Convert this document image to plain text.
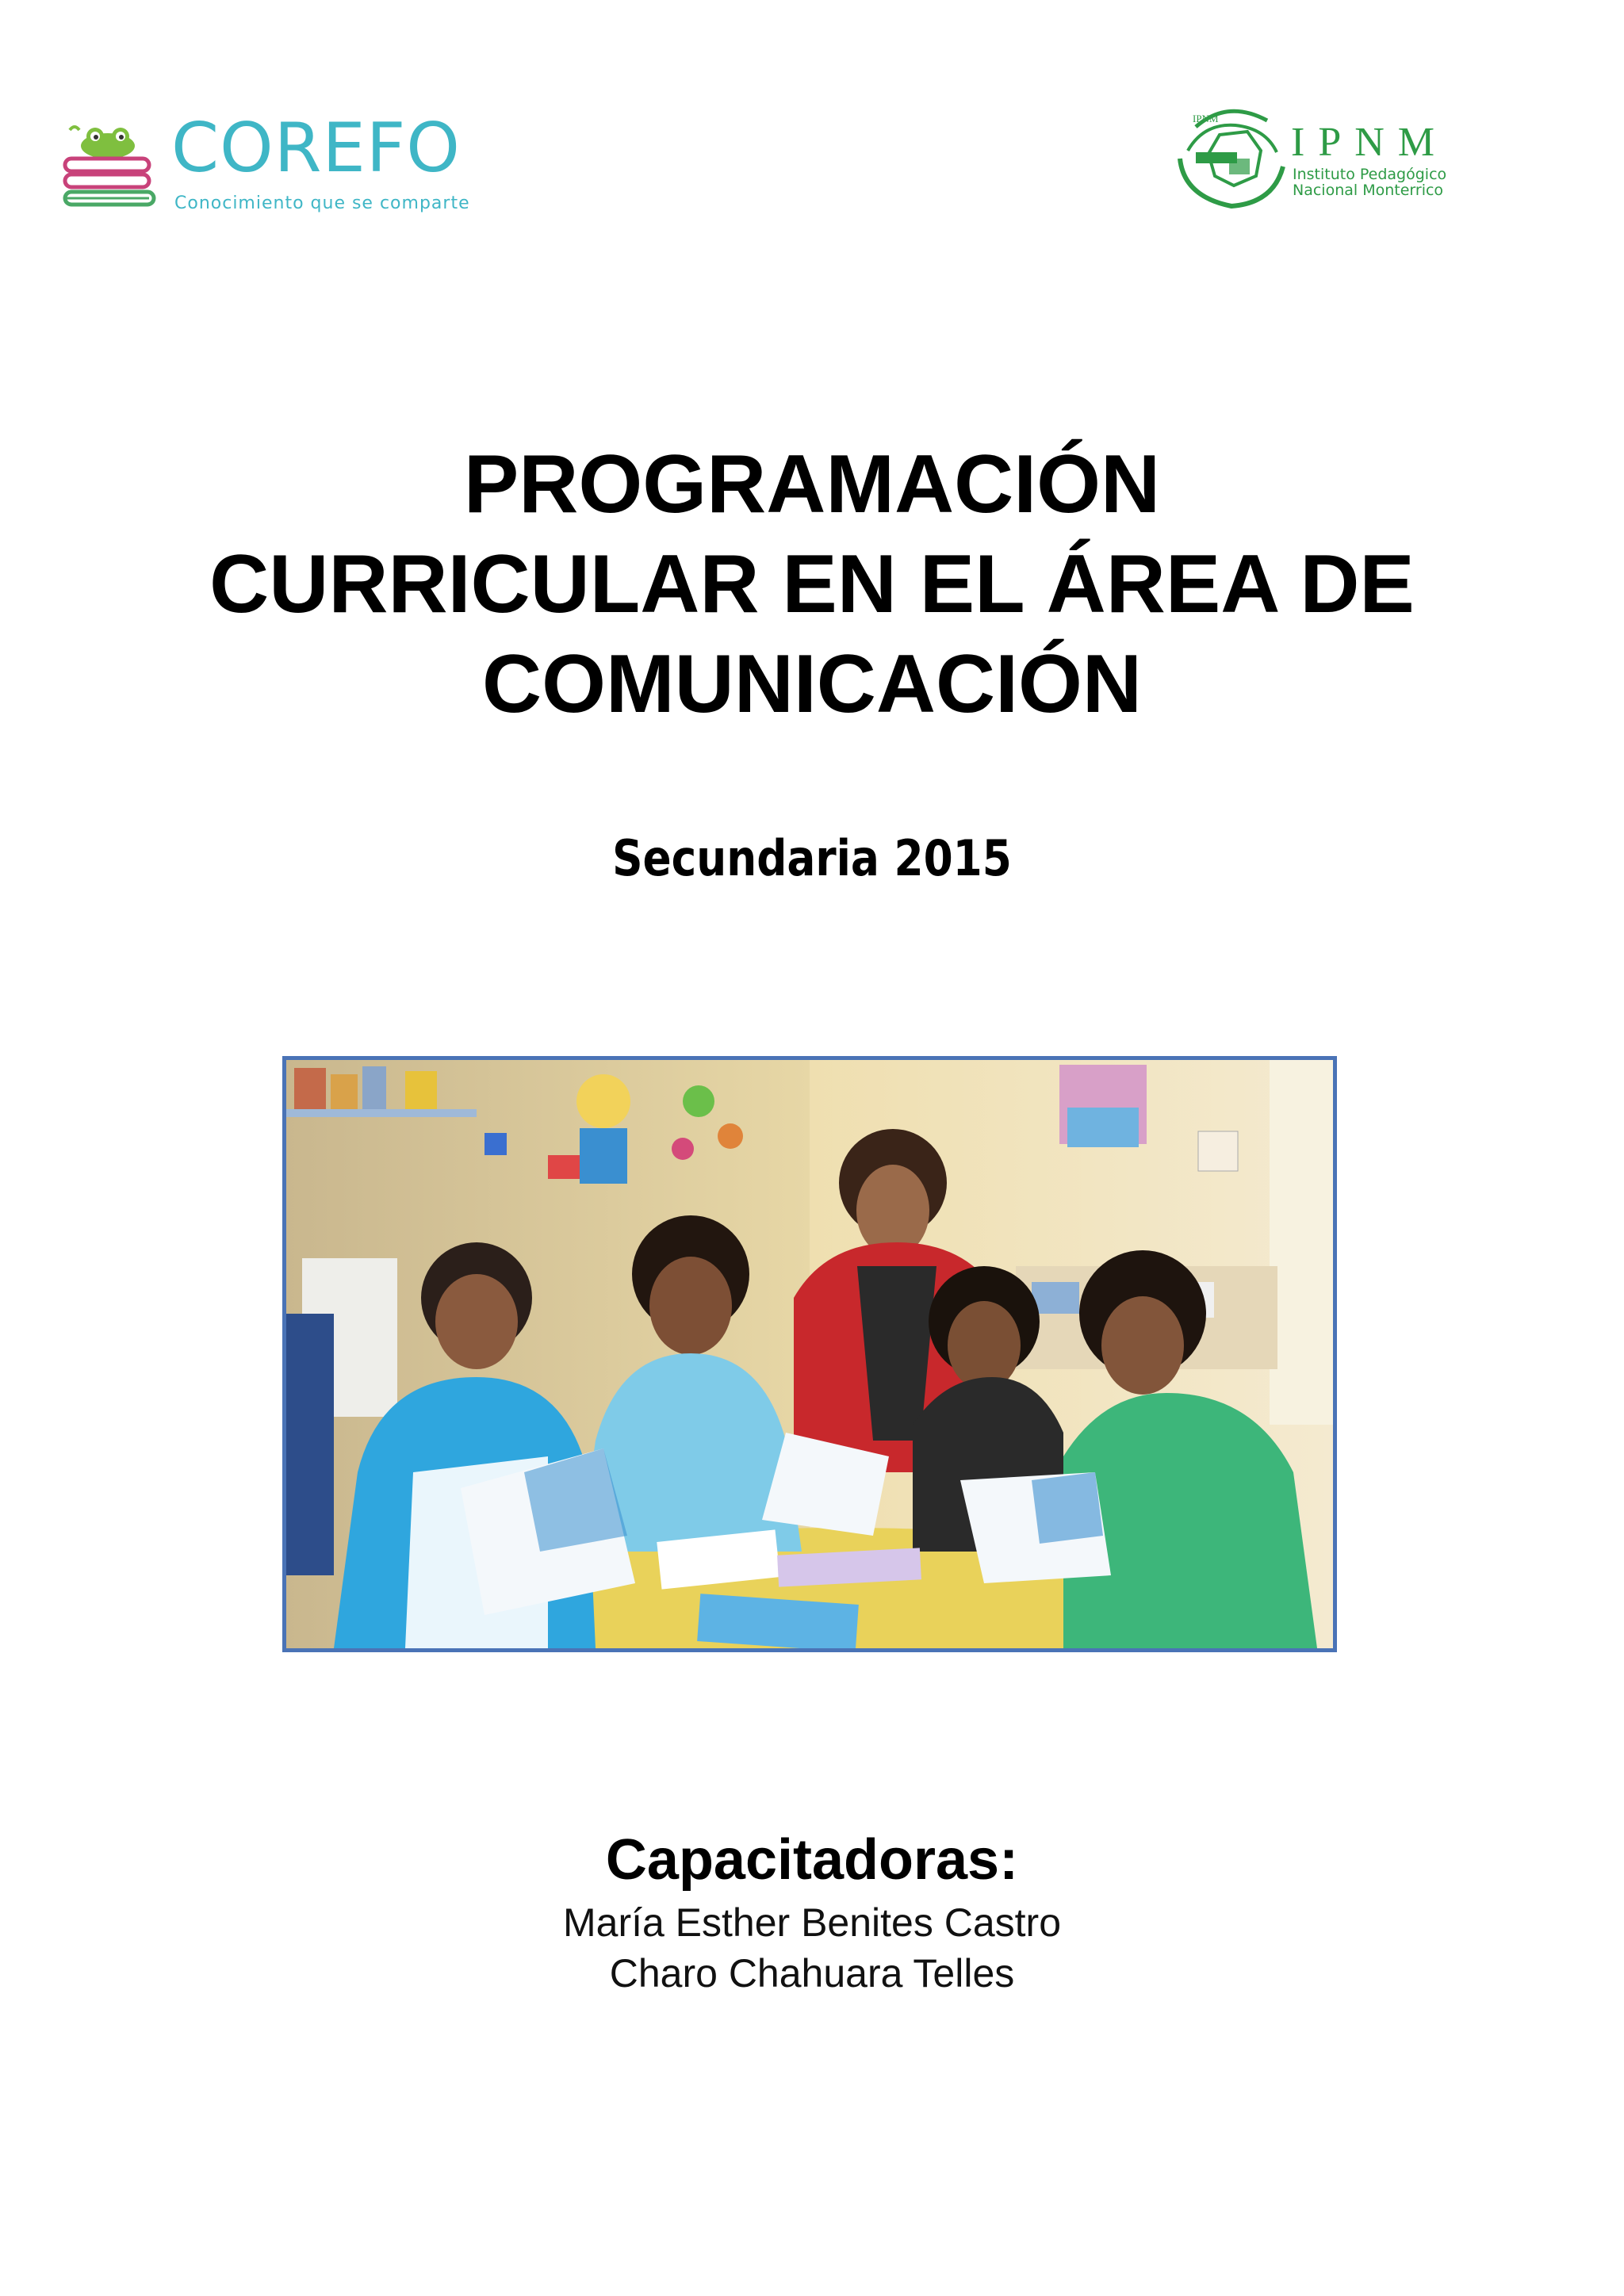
COREFO
Conocimiento que se comparte
IPNM
IPNM
Instituto Pedagógico
Nacional Monterrico
PROGRAMACIÓN
CURRICULAR EN EL ÁREA DE
COMUNICACIÓN
Secundaria 2015
Capacitadoras:
María Esther Benites Castro
Charo Chahuara Telles
